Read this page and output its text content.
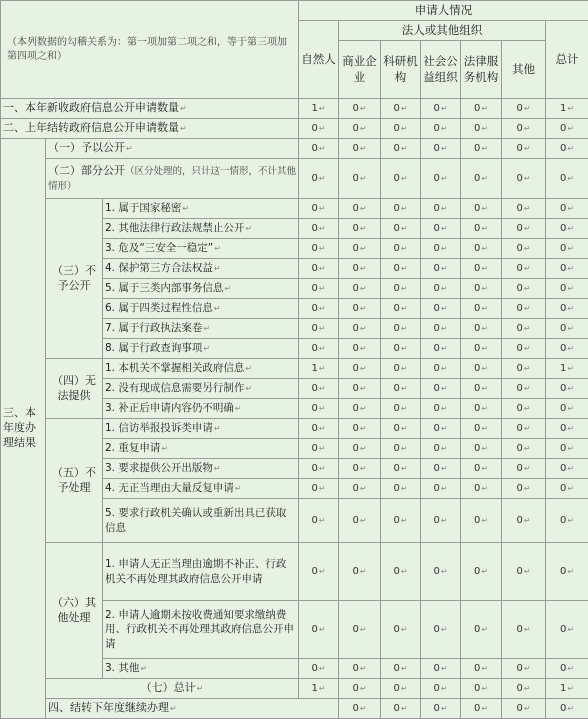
（本列数据的勾稽关系为：第一项加第二项之和，等于第三项加第四项之和）			申请人情况							
			自然人	法人或其他组织					总计	
				商业企业	科研机构	社会公益组织	法律服务机构	其他		
一、本年新收政府信息公开申请数量 ↵			1 ↵	0 ↵	0 ↵	0 ↵	0 ↵	0 ↵	1 ↵
二、上年结转政府信息公开申请数量 ↵			0 ↵	0 ↵	0 ↵	0 ↵	0 ↵	0 ↵	0 ↵
三、本年度办理结果	（一）予以公开 ↵		0 ↵	0 ↵	0 ↵	0 ↵	0 ↵	0 ↵	0 ↵
	（二）部分公开（区分处理的，只计这一情形，不计其他情形）		0 ↵	0 ↵	0 ↵	0 ↵	0 ↵	0 ↵	0 ↵
	（三）不予公开	1. 属于国家秘密 ↵	0 ↵	0 ↵	0 ↵	0 ↵	0 ↵	0 ↵	0 ↵
		2. 其他法律行政法规禁止公开 ↵	0 ↵	0 ↵	0 ↵	0 ↵	0 ↵	0 ↵	0 ↵
		3. 危及“三安全一稳定” ↵	0 ↵	0 ↵	0 ↵	0 ↵	0 ↵	0 ↵	0 ↵
		4. 保护第三方合法权益 ↵	0 ↵	0 ↵	0 ↵	0 ↵	0 ↵	0 ↵	0 ↵
		5. 属于三类内部事务信息 ↵	0 ↵	0 ↵	0 ↵	0 ↵	0 ↵	0 ↵	0 ↵
		6. 属于四类过程性信息 ↵	0 ↵	0 ↵	0 ↵	0 ↵	0 ↵	0 ↵	0 ↵
		7. 属于行政执法案卷 ↵	0 ↵	0 ↵	0 ↵	0 ↵	0 ↵	0 ↵	0 ↵
		8. 属于行政查询事项 ↵	0 ↵	0 ↵	0 ↵	0 ↵	0 ↵	0 ↵	0 ↵
	（四）无法提供	1. 本机关不掌握相关政府信息 ↵	1 ↵	0 ↵	0 ↵	0 ↵	0 ↵	0 ↵	1 ↵
		2. 没有现成信息需要另行制作 ↵	0 ↵	0 ↵	0 ↵	0 ↵	0 ↵	0 ↵	0 ↵
		3. 补正后申请内容仍不明确 ↵	0 ↵	0 ↵	0 ↵	0 ↵	0 ↵	0 ↵	0 ↵
	（五）不予处理	1. 信访举报投诉类申请 ↵	0 ↵	0 ↵	0 ↵	0 ↵	0 ↵	0 ↵	0 ↵
		2. 重复申请 ↵	0 ↵	0 ↵	0 ↵	0 ↵	0 ↵	0 ↵	0 ↵
		3. 要求提供公开出版物 ↵	0 ↵	0 ↵	0 ↵	0 ↵	0 ↵	0 ↵	0 ↵
		4. 无正当理由大量反复申请 ↵	0 ↵	0 ↵	0 ↵	0 ↵	0 ↵	0 ↵	0 ↵
		5. 要求行政机关确认或重新出具已获取信息	0 ↵	0 ↵	0 ↵	0 ↵	0 ↵	0 ↵	0 ↵
	（六）其他处理	1. 申请人无正当理由逾期不补正、行政机关不再处理其政府信息公开申请	0 ↵	0 ↵	0 ↵	0 ↵	0 ↵	0 ↵	0 ↵
		2. 申请人逾期未按收费通知要求缴纳费用、行政机关不再处理其政府信息公开申请	0 ↵	0 ↵	0 ↵	0 ↵	0 ↵	0 ↵	0 ↵
		3. 其他 ↵	0 ↵	0 ↵	0 ↵	0 ↵	0 ↵	0 ↵	0 ↵
	（七）总计 ↵		1 ↵	0 ↵	0 ↵	0 ↵	0 ↵	0 ↵	1 ↵
	四、结转下年度继续办理 ↵			0 ↵	0 ↵	0 ↵	0 ↵	0 ↵	0 ↵	
